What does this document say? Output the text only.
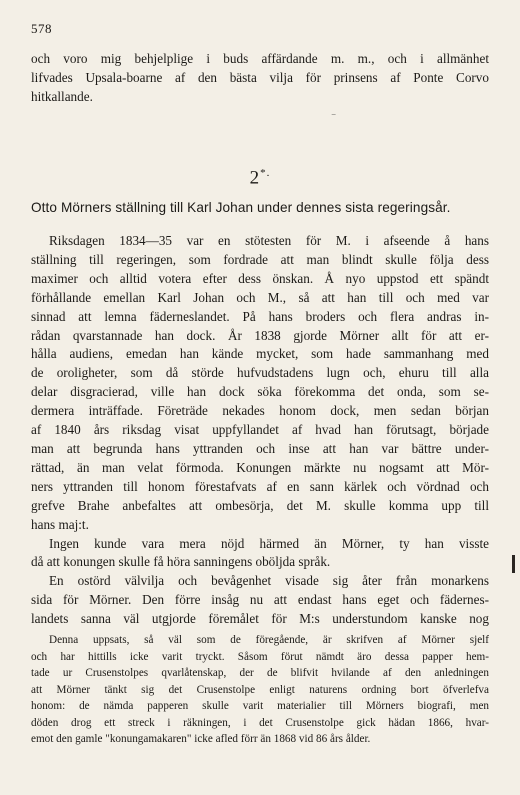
578
och voro mig behjelplige i buds affärdande m. m., och i allmänhet
lifvades Upsala-boarne af den bästa vilja för prinsens af Ponte Corvo
hitkallande.
⁻
2*.
Otto Mörners ställning till Karl Johan under dennes sista regeringsår.
Riksdagen 1834—35 var en stötesten för M. i afseende å hans
ställning till regeringen, som fordrade att man blindt skulle följa dess
maximer och alltid votera efter dess önskan. Å nyo uppstod ett spändt
förhållande emellan Karl Johan och M., så att han till och med var
sinnad att lemna fäderneslandet. På hans broders och flera andras in-
rådan qvarstannade han dock. År 1838 gjorde Mörner allt för att er-
hålla audiens, emedan han kände mycket, som hade sammanhang med
de oroligheter, som då störde hufvudstadens lugn och, ehuru till alla
delar disgracierad, ville han dock söka förekomma det onda, som se-
dermera inträffade. Företräde nekades honom dock, men sedan början
af 1840 års riksdag visat uppfyllandet af hvad han förutsagt, började
man att begrunda hans yttranden och inse att han var bättre under-
rättad, än man velat förmoda. Konungen märkte nu nogsamt att Mör-
ners yttranden till honom förestafvats af en sann kärlek och vördnad och
grefve Brahe anbefaltes att ombesörja, det M. skulle komma upp till
hans maj:t.
Ingen kunde vara mera nöjd härmed än Mörner, ty han visste
då att konungen skulle få höra sanningens oböljda språk.
En ostörd välvilja och bevågenhet visade sig åter från monarkens
sida för Mörner. Den förre insåg nu att endast hans eget och fädernes-
landets sanna väl utgjorde föremålet för M:s understundom kanske nog
Denna uppsats, så väl som de föregående, är skrifven af Mörner sjelf
och har hittills icke varit tryckt. Såsom förut nämdt äro dessa papper hem-
tade ur Crusenstolpes qvarlåtenskap, der de blifvit hvilande af den anledningen
att Mörner tänkt sig det Crusenstolpe enligt naturens ordning bort öfverlefva
honom: de nämda papperen skulle varit materialier till Mörners biografi, men
döden drog ett streck i räkningen, i det Crusenstolpe gick hädan 1866, hvar-
emot den gamle "konungamakaren" icke afled förr än 1868 vid 86 års ålder.
